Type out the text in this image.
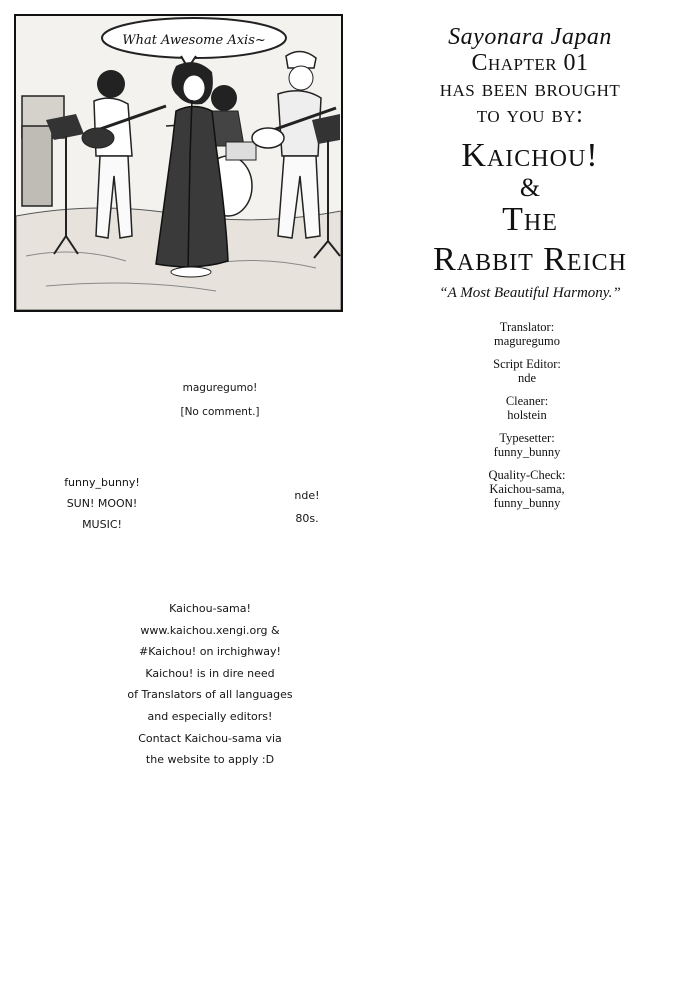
What Awesome Axis~	Sayonara Japan
Chapter 01
has been brought
to you by:
Kaichou!
&
The
Rabbit Reich
“A Most Beautiful Harmony.”
Translator:
maguregumo
Script Editor:
nde
Cleaner:
holstein
Typesetter:
funny_bunny
Quality-Check:
Kaichou-sama,
funny_bunny
maguregumo!
[No comment.]
funny_bunny!
SUN! MOON!
MUSIC!
nde!
80s.
Kaichou-sama!
www.kaichou.xengi.org &
#Kaichou! on irchighway!
Kaichou! is in dire need
of Translators of all languages
and especially editors!
Contact Kaichou-sama via
the website to apply :D
